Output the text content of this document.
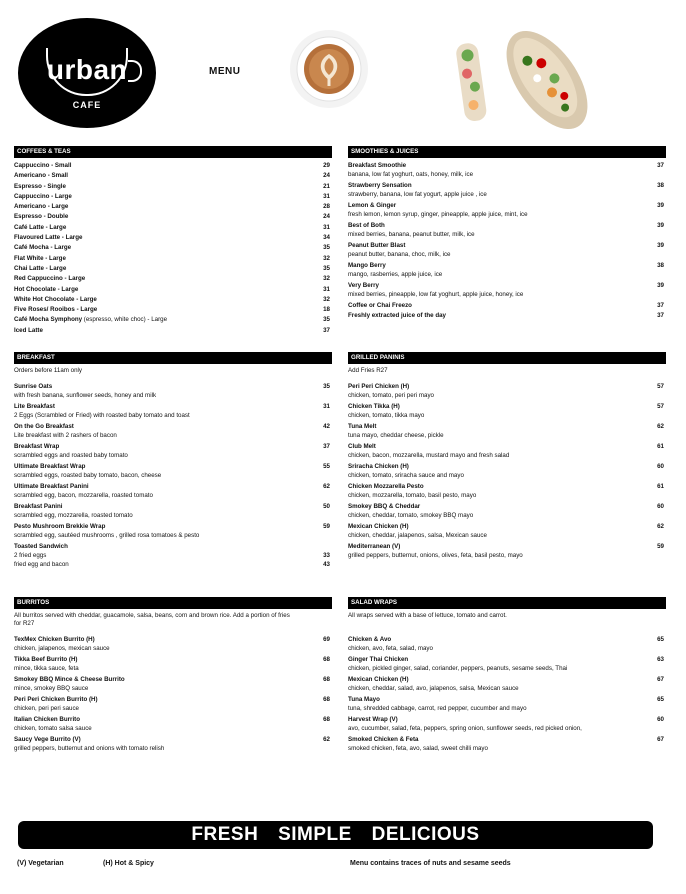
urban
CAFE
MENU
COFFEES & TEAS
Cappuccino - Small	29
Americano - Small	24
Espresso - Single	21
Cappuccino - Large	31
Americano - Large	28
Espresso - Double	24
Café Latte - Large	31
Flavoured Latte - Large	34
Café Mocha - Large	35
Flat White - Large	32
Chai Latte - Large	35
Red Cappuccino - Large	32
Hot Chocolate - Large	31
White Hot Chocolate - Large	32
Five Roses/ Rooibos - Large	18
Café Mocha Symphony (espresso, white choc) - Large	35
Iced Latte	37
SMOOTHIES & JUICES
Breakfast Smoothie	37
banana, low fat yoghurt, oats, honey, milk, ice
Strawberry Sensation	38
strawberry, banana, low fat yogurt, apple juice , ice
Lemon & Ginger	39
fresh lemon, lemon syrup, ginger, pineapple, apple juice, mint, ice
Best of Both	39
mixed berries, banana, peanut butter, milk, ice
Peanut Butter Blast	39
peanut butter, banana, choc, milk, ice
Mango Berry	38
mango, rasberries, apple juice, ice
Very Berry	39
mixed berries, pineapple, low fat yoghurt, apple juice, honey, ice
Coffee or Chai Freezo	37
Freshly extracted juice of the day	37
BREAKFAST
Orders before 11am only
Sunrise Oats	35
with fresh banana, sunflower seeds, honey and milk
Lite Breakfast	31
2 Eggs (Scrambled or Fried) with roasted baby tomato and toast
On the Go Breakfast	42
Lite breakfast with 2 rashers of bacon
Breakfast Wrap	37
scrambled eggs and roasted baby tomato
Ultimate Breakfast Wrap	55
scrambled eggs, roasted baby tomato, bacon, cheese
Ultimate Breakfast Panini	62
scrambled egg, bacon, mozzarella, roasted tomato
Breakfast Panini	50
scrambled egg, mozzarella, roasted tomato
Pesto Mushroom Brekkie Wrap	59
scrambled egg, sautéed mushrooms , grilled rosa tomatoes & pesto
Toasted Sandwich
2 fried eggs	33
fried egg and bacon	43
GRILLED PANINIS
Add Fries R27
Peri Peri Chicken (H)	57
chicken, tomato, peri peri mayo
Chicken Tikka (H)	57
chicken, tomato, tikka mayo
Tuna Melt	62
tuna mayo, cheddar cheese, pickle
Club Melt	61
chicken, bacon, mozzarella, mustard mayo and fresh salad
Sriracha Chicken (H)	60
chicken, tomato, sriracha sauce and mayo
Chicken Mozzarella Pesto	61
chicken, mozzarella, tomato, basil pesto, mayo
Smokey BBQ & Cheddar	60
chicken, cheddar, tomato, smokey BBQ mayo
Mexican Chicken (H)	62
chicken, cheddar, jalapenos, salsa, Mexican sauce
Mediterranean (V)	59
grilled peppers, butternut, onions, olives, feta, basil pesto, mayo
BURRITOS
All burritos served with cheddar, guacamole, salsa, beans, corn and brown rice. Add a portion of fries for R27
TexMex Chicken Burrito (H)	69
chicken, jalapenos, mexican sauce
Tikka Beef Burrito (H)	68
mince, tikka sauce, feta
Smokey BBQ Mince & Cheese Burrito	68
mince, smokey BBQ sauce
Peri Peri Chicken Burrito (H)	68
chicken, peri peri sauce
Italian Chicken Burrito	68
chicken, tomato salsa sauce
Saucy Vege Burrito (V)	62
grilled peppers, butternut and onions with tomato relish
SALAD WRAPS
All wraps served with a base of lettuce, tomato and carrot.
Chicken & Avo	65
chicken, avo, feta, salad, mayo
Ginger Thai Chicken	63
chicken, pickled ginger, salad, coriander, peppers, peanuts, sesame seeds, Thai
Mexican Chicken (H)	67
chicken, cheddar, salad, avo, jalapenos, salsa, Mexican sauce
Tuna Mayo	65
tuna, shredded cabbage, carrot, red pepper, cucumber and mayo
Harvest Wrap (V)	60
avo, cucumber, salad, feta, peppers, spring onion, sunflower seeds, red picked onion,
Smoked Chicken & Feta	67
smoked chicken, feta, avo, salad, sweet chilli mayo
FRESH SIMPLE DELICIOUS
(V) Vegetarian	(H) Hot & Spicy	Menu contains traces of nuts and sesame seeds
